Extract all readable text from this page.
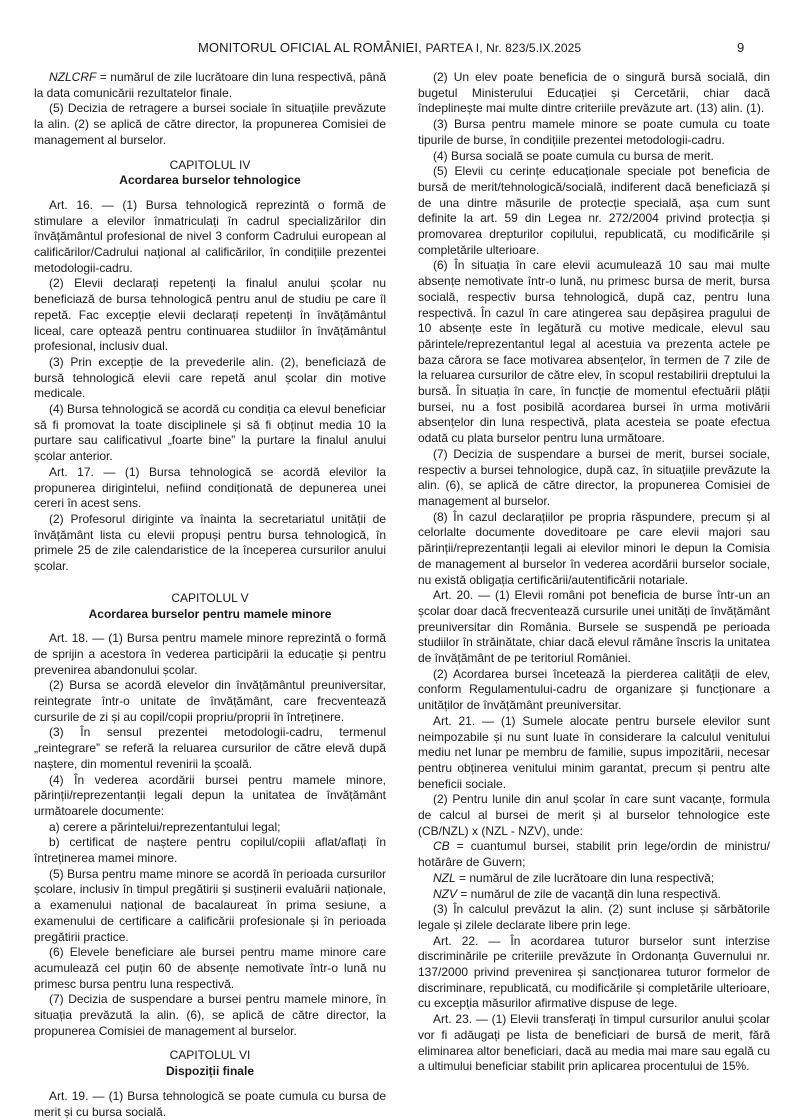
MONITORUL OFICIAL AL ROMÂNIEI, PARTEA I, Nr. 823/5.IX.2025	9

NZLCRF = numărul de zile lucrătoare din luna respectivă, până la data comunicării rezultatelor finale.

(5) Decizia de retragere a bursei sociale în situațiile prevăzute la alin. (2) se aplică de către director, la propunerea Comisiei de management al burselor.

CAPITOLUL IV

Acordarea burselor tehnologice

Art. 16. — (1) Bursa tehnologică reprezintă o formă de stimulare a elevilor înmatriculați în cadrul specializărilor din învățământul profesional de nivel 3 conform Cadrului european al calificărilor/Cadrului național al calificărilor, în condițiile prezentei metodologii-cadru.

(2) Elevii declarați repetenți la finalul anului școlar nu beneficiază de bursa tehnologică pentru anul de studiu pe care îl repetă. Fac excepție elevii declarați repetenți în învățământul liceal, care optează pentru continuarea studiilor în învățământul profesional, inclusiv dual.

(3) Prin excepție de la prevederile alin. (2), beneficiază de bursă tehnologică elevii care repetă anul școlar din motive medicale.

(4) Bursa tehnologică se acordă cu condiția ca elevul beneficiar să fi promovat la toate disciplinele și să fi obținut media 10 la purtare sau calificativul „foarte bine” la purtare la finalul anului școlar anterior.

Art. 17. — (1) Bursa tehnologică se acordă elevilor la propunerea dirigintelui, nefiind condiționată de depunerea unei cereri în acest sens.

(2) Profesorul diriginte va înainta la secretariatul unității de învățământ lista cu elevii propuși pentru bursa tehnologică, în primele 25 de zile calendaristice de la începerea cursurilor anului școlar.

CAPITOLUL V

Acordarea burselor pentru mamele minore

Art. 18. — (1) Bursa pentru mamele minore reprezintă o formă de sprijin a acestora în vederea participării la educație și pentru prevenirea abandonului școlar.

(2) Bursa se acordă elevelor din învățământul preuniversitar, reintegrate într-o unitate de învățământ, care frecventează cursurile de zi și au copil/copii propriu/proprii în întreținere.

(3) În sensul prezentei metodologii-cadru, termenul „reintegrare” se referă la reluarea cursurilor de către elevă după naștere, din momentul revenirii la școală.

(4) În vederea acordării bursei pentru mamele minore, părinții/reprezentanții legali depun la unitatea de învățământ următoarele documente:

a) cerere a părintelui/reprezentantului legal;

b) certificat de naștere pentru copilul/copiii aflat/aflați în întreținerea mamei minore.

(5) Bursa pentru mame minore se acordă în perioada cursurilor școlare, inclusiv în timpul pregătirii și susținerii evaluării naționale, a examenului național de bacalaureat în prima sesiune, a examenului de certificare a calificării profesionale și în perioada pregătirii practice.

(6) Elevele beneficiare ale bursei pentru mame minore care acumulează cel puțin 60 de absențe nemotivate într-o lună nu primesc bursa pentru luna respectivă.

(7) Decizia de suspendare a bursei pentru mamele minore, în situația prevăzută la alin. (6), se aplică de către director, la propunerea Comisiei de management al burselor.

CAPITOLUL VI

Dispoziții finale

Art. 19. — (1) Bursa tehnologică se poate cumula cu bursa de merit și cu bursa socială.

(2) Un elev poate beneficia de o singură bursă socială, din bugetul Ministerului Educației și Cercetării, chiar dacă îndeplinește mai multe dintre criteriile prevăzute art. (13) alin. (1).

(3) Bursa pentru mamele minore se poate cumula cu toate tipurile de burse, în condițiile prezentei metodologii-cadru.

(4) Bursa socială se poate cumula cu bursa de merit.

(5) Elevii cu cerințe educaționale speciale pot beneficia de bursă de merit/tehnologică/socială, indiferent dacă beneficiază și de una dintre măsurile de protecție specială, așa cum sunt definite la art. 59 din Legea nr. 272/2004 privind protecția și promovarea drepturilor copilului, republicată, cu modificările și completările ulterioare.

(6) În situația în care elevii acumulează 10 sau mai multe absențe nemotivate într-o lună, nu primesc bursa de merit, bursa socială, respectiv bursa tehnologică, după caz, pentru luna respectivă. În cazul în care atingerea sau depășirea pragului de 10 absențe este în legătură cu motive medicale, elevul sau părintele/reprezentantul legal al acestuia va prezenta actele pe baza cărora se face motivarea absențelor, în termen de 7 zile de la reluarea cursurilor de către elev, în scopul restabilirii dreptului la bursă. În situația în care, în funcție de momentul efectuării plății bursei, nu a fost posibilă acordarea bursei în urma motivării absențelor din luna respectivă, plata acesteia se poate efectua odată cu plata burselor pentru luna următoare.

(7) Decizia de suspendare a bursei de merit, bursei sociale, respectiv a bursei tehnologice, după caz, în situațiile prevăzute la alin. (6), se aplică de către director, la propunerea Comisiei de management al burselor.

(8) În cazul declarațiilor pe propria răspundere, precum și al celorlalte documente doveditoare pe care elevii majori sau părinții/reprezentanții legali ai elevilor minori le depun la Comisia de management al burselor în vederea acordării burselor sociale, nu există obligația certificării/autentificării notariale.

Art. 20. — (1) Elevii români pot beneficia de burse într-un an școlar doar dacă frecventează cursurile unei unități de învățământ preuniversitar din România. Bursele se suspendă pe perioada studiilor în străinătate, chiar dacă elevul rămâne înscris la unitatea de învățământ de pe teritoriul României.

(2) Acordarea bursei încetează la pierderea calității de elev, conform Regulamentului-cadru de organizare și funcționare a unităților de învățământ preuniversitar.

Art. 21. — (1) Sumele alocate pentru bursele elevilor sunt neimpozabile și nu sunt luate în considerare la calculul venitului mediu net lunar pe membru de familie, supus impozitării, necesar pentru obținerea venitului minim garantat, precum și pentru alte beneficii sociale.

(2) Pentru lunile din anul școlar în care sunt vacanțe, formula de calcul al bursei de merit și al burselor tehnologice este (CB/NZL) x (NZL - NZV), unde:

CB = cuantumul bursei, stabilit prin lege/ordin de ministru/ hotărâre de Guvern;

NZL = numărul de zile lucrătoare din luna respectivă;

NZV = numărul de zile de vacanță din luna respectivă.

(3) În calculul prevăzut la alin. (2) sunt incluse și sărbătorile legale și zilele declarate libere prin lege.

Art. 22. — În acordarea tuturor burselor sunt interzise discriminările pe criteriile prevăzute în Ordonanța Guvernului nr. 137/2000 privind prevenirea și sancționarea tuturor formelor de discriminare, republicată, cu modificările și completările ulterioare, cu excepția măsurilor afirmative dispuse de lege.

Art. 23. — (1) Elevii transferați în timpul cursurilor anului școlar vor fi adăugați pe lista de beneficiari de bursă de merit, fără eliminarea altor beneficiari, dacă au media mai mare sau egală cu a ultimului beneficiar stabilit prin aplicarea procentului de 15%.
